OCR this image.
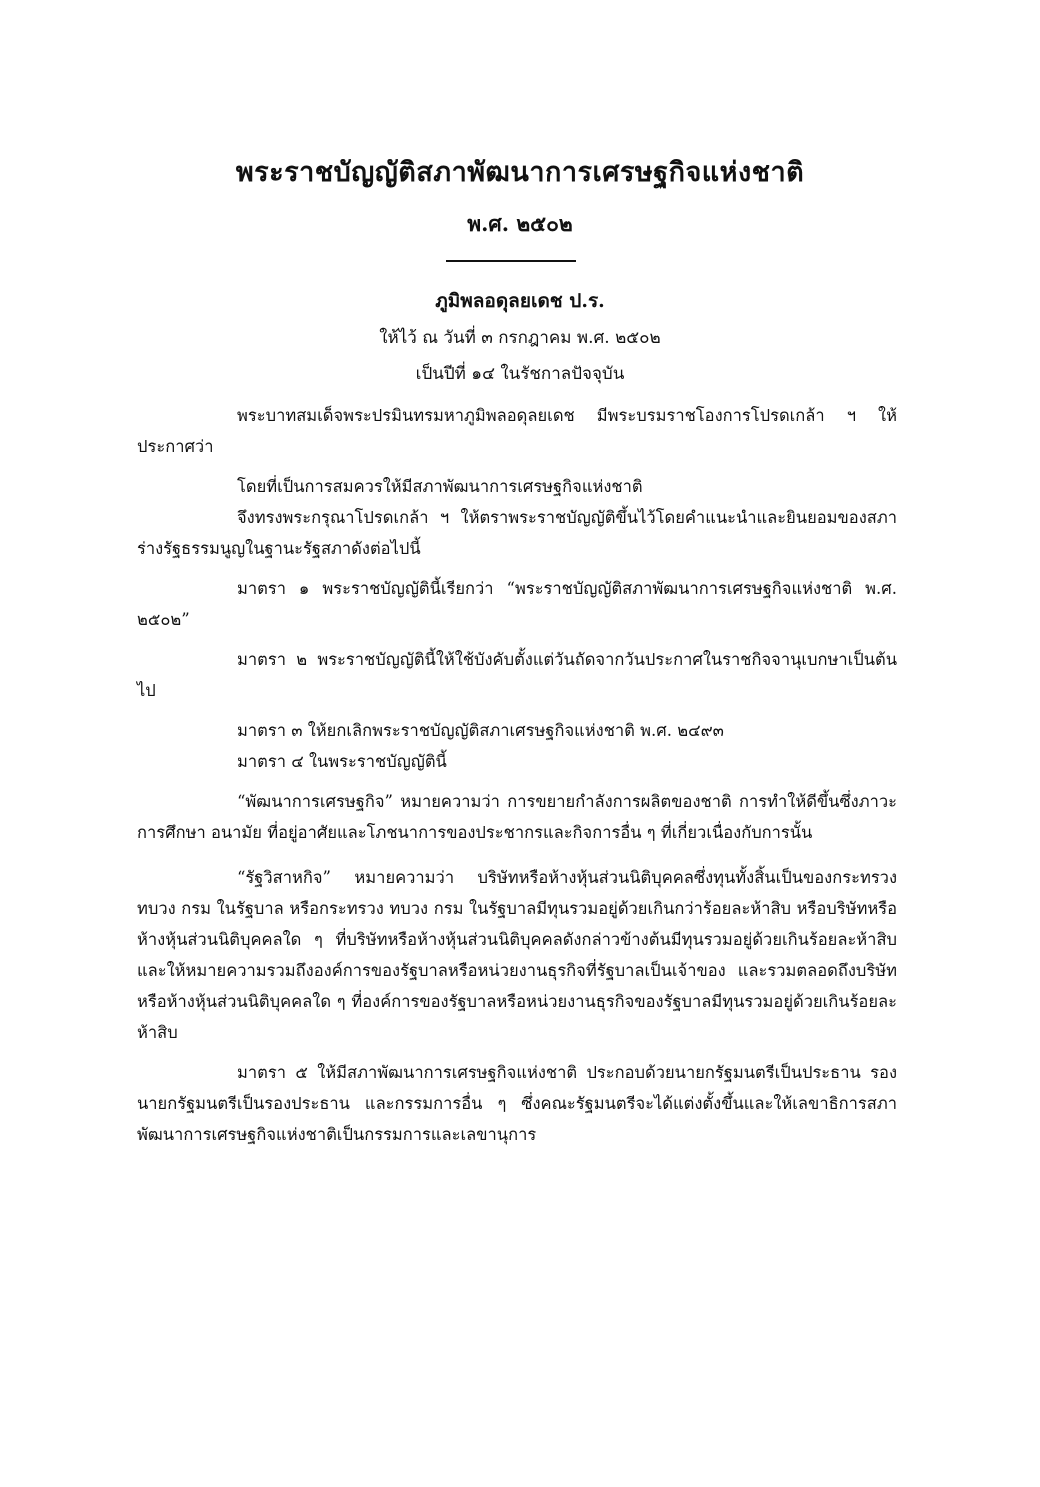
พระราชบัญญัติสภาพัฒนาการเศรษฐกิจแห่งชาติ
พ.ศ. ๒๕๐๒
ภูมิพลอดุลยเดช ป.ร.
ให้ไว้ ณ วันที่ ๓ กรกฎาคม พ.ศ. ๒๕๐๒
เป็นปีที่ ๑๔ ในรัชกาลปัจจุบัน

พระบาทสมเด็จพระปรมินทรมหาภูมิพลอดุลยเดช มีพระบรมราชโองการโปรดเกล้า ฯ ให้ประกาศว่า

โดยที่เป็นการสมควรให้มีสภาพัฒนาการเศรษฐกิจแห่งชาติ

จึงทรงพระกรุณาโปรดเกล้า ฯ ให้ตราพระราชบัญญัติขึ้นไว้โดยคำแนะนำและยินยอมของสภาร่างรัฐธรรมนูญในฐานะรัฐสภาดังต่อไปนี้

มาตรา ๑ พระราชบัญญัตินี้เรียกว่า “พระราชบัญญัติสภาพัฒนาการเศรษฐกิจแห่งชาติ พ.ศ. ๒๕๐๒”

มาตรา ๒ พระราชบัญญัตินี้ให้ใช้บังคับตั้งแต่วันถัดจากวันประกาศในราชกิจจานุเบกษาเป็นต้นไป

มาตรา ๓ ให้ยกเลิกพระราชบัญญัติสภาเศรษฐกิจแห่งชาติ พ.ศ. ๒๔๙๓

มาตรา ๔ ในพระราชบัญญัตินี้

“พัฒนาการเศรษฐกิจ” หมายความว่า การขยายกำลังการผลิตของชาติ การทำให้ดีขึ้นซึ่งภาวะการศึกษา อนามัย ที่อยู่อาศัยและโภชนาการของประชากรและกิจการอื่น ๆ ที่เกี่ยวเนื่องกับการนั้น

“รัฐวิสาหกิจ” หมายความว่า บริษัทหรือห้างหุ้นส่วนนิติบุคคลซึ่งทุนทั้งสิ้นเป็นของกระทรวง ทบวง กรม ในรัฐบาล หรือกระทรวง ทบวง กรม ในรัฐบาลมีทุนรวมอยู่ด้วยเกินกว่าร้อยละห้าสิบ หรือบริษัทหรือห้างหุ้นส่วนนิติบุคคลใด ๆ ที่บริษัทหรือห้างหุ้นส่วนนิติบุคคลดังกล่าวข้างต้นมีทุนรวมอยู่ด้วยเกินร้อยละห้าสิบ และให้หมายความรวมถึงองค์การของรัฐบาลหรือหน่วยงานธุรกิจที่รัฐบาลเป็นเจ้าของ และรวมตลอดถึงบริษัทหรือห้างหุ้นส่วนนิติบุคคลใด ๆ ที่องค์การของรัฐบาลหรือหน่วยงานธุรกิจของรัฐบาลมีทุนรวมอยู่ด้วยเกินร้อยละห้าสิบ

มาตรา ๕ ให้มีสภาพัฒนาการเศรษฐกิจแห่งชาติ ประกอบด้วยนายกรัฐมนตรีเป็นประธาน รองนายกรัฐมนตรีเป็นรองประธาน และกรรมการอื่น ๆ ซึ่งคณะรัฐมนตรีจะได้แต่งตั้งขึ้นและให้เลขาธิการสภาพัฒนาการเศรษฐกิจแห่งชาติเป็นกรรมการและเลขานุการ
